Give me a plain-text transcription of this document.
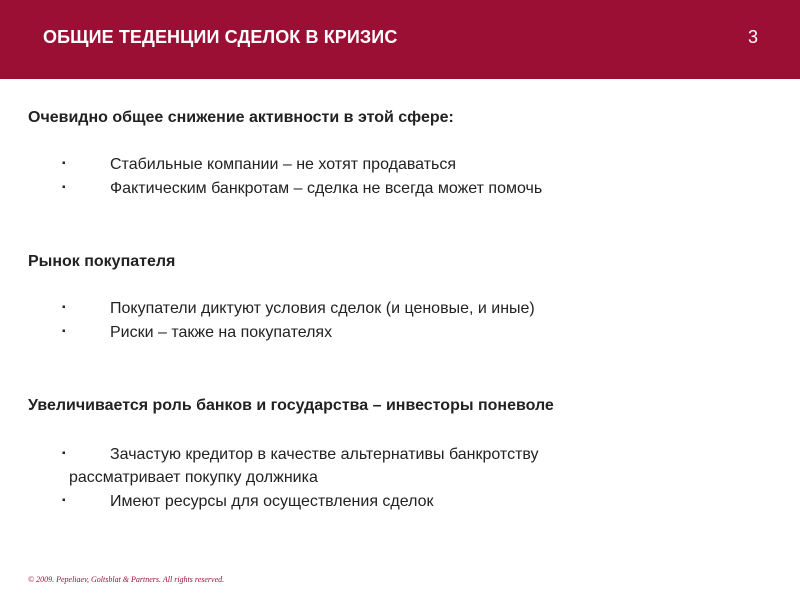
ОБЩИЕ ТЕДЕНЦИИ СДЕЛОК В КРИЗИС	3
Очевидно общее снижение активности в этой сфере:
▪	Стабильные компании – не хотят продаваться
▪	Фактическим банкротам – сделка не всегда может помочь
Рынок покупателя
▪	Покупатели диктуют условия сделок (и ценовые, и иные)
▪	Риски – также на покупателях
Увеличивается роль банков и государства – инвесторы поневоле
▪	Зачастую кредитор в качестве альтернативы банкротству
рассматривает покупку должника
▪	Имеют ресурсы для осуществления сделок
© 2009. Pepeliaev, Goltsblat & Partners. All rights reserved.
